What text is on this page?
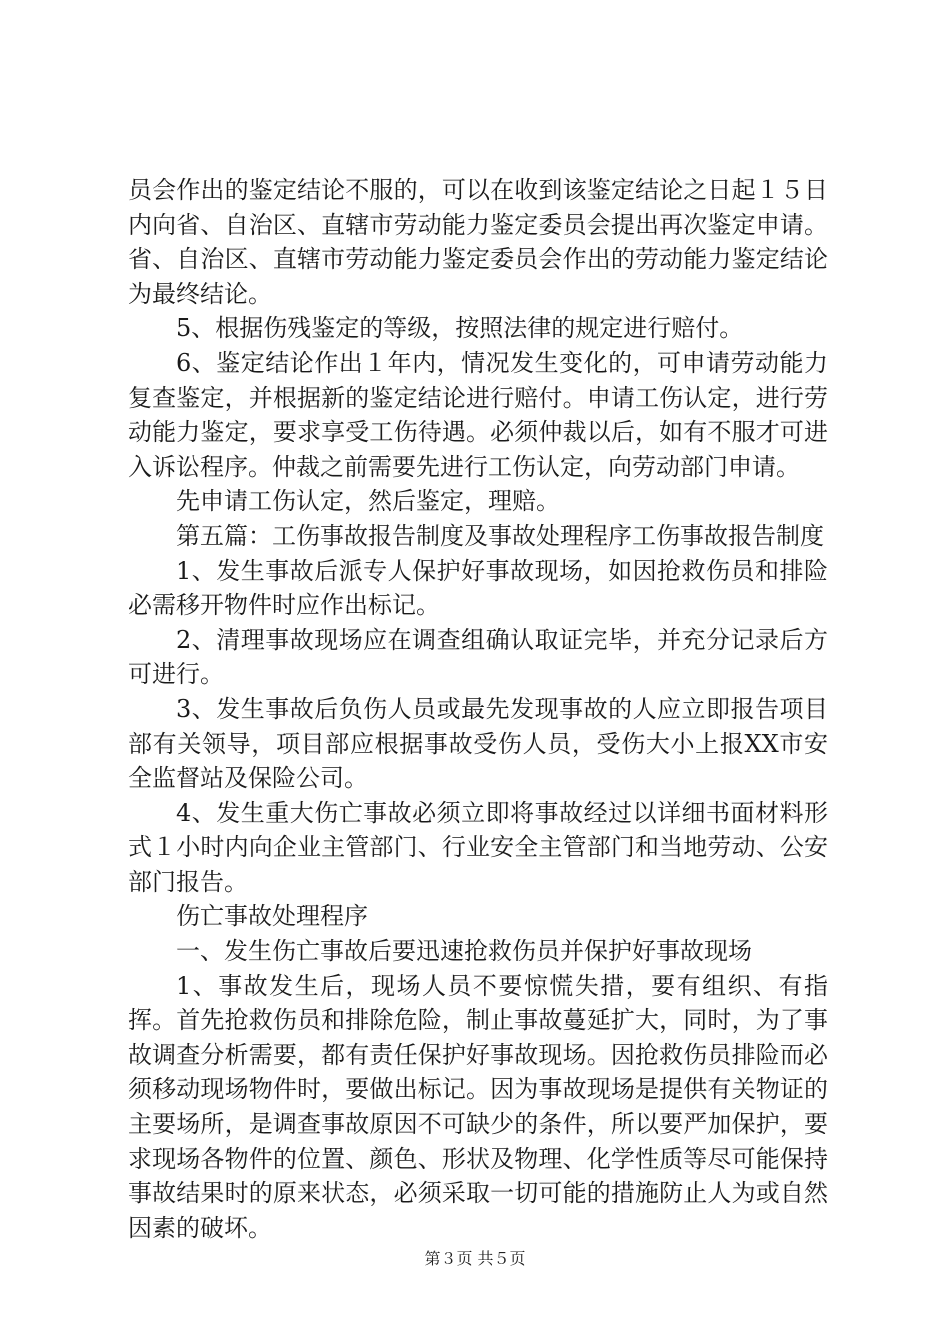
员会作出的鉴定结论不服的，可以在收到该鉴定结论之日起１５日内向省、自治区、直辖市劳动能力鉴定委员会提出再次鉴定申请。省、自治区、直辖市劳动能力鉴定委员会作出的劳动能力鉴定结论为最终结论。

5、根据伤残鉴定的等级，按照法律的规定进行赔付。

6、鉴定结论作出１年内，情况发生变化的，可申请劳动能力复查鉴定，并根据新的鉴定结论进行赔付。申请工伤认定，进行劳动能力鉴定，要求享受工伤待遇。必须仲裁以后，如有不服才可进入诉讼程序。仲裁之前需要先进行工伤认定，向劳动部门申请。

先申请工伤认定，然后鉴定，理赔。

第五篇：工伤事故报告制度及事故处理程序工伤事故报告制度

1、发生事故后派专人保护好事故现场，如因抢救伤员和排险必需移开物件时应作出标记。

2、清理事故现场应在调查组确认取证完毕，并充分记录后方可进行。

3、发生事故后负伤人员或最先发现事故的人应立即报告项目部有关领导，项目部应根据事故受伤人员，受伤大小上报XX市安全监督站及保险公司。

4、发生重大伤亡事故必须立即将事故经过以详细书面材料形式１小时内向企业主管部门、行业安全主管部门和当地劳动、公安部门报告。

伤亡事故处理程序

一、发生伤亡事故后要迅速抢救伤员并保护好事故现场

1、事故发生后，现场人员不要惊慌失措，要有组织、有指挥。首先抢救伤员和排除危险，制止事故蔓延扩大，同时，为了事故调查分析需要，都有责任保护好事故现场。因抢救伤员排险而必须移动现场物件时，要做出标记。因为事故现场是提供有关物证的主要场所，是调查事故原因不可缺少的条件，所以要严加保护，要求现场各物件的位置、颜色、形状及物理、化学性质等尽可能保持事故结果时的原来状态，必须采取一切可能的措施防止人为或自然因素的破坏。

第３页 共５页
